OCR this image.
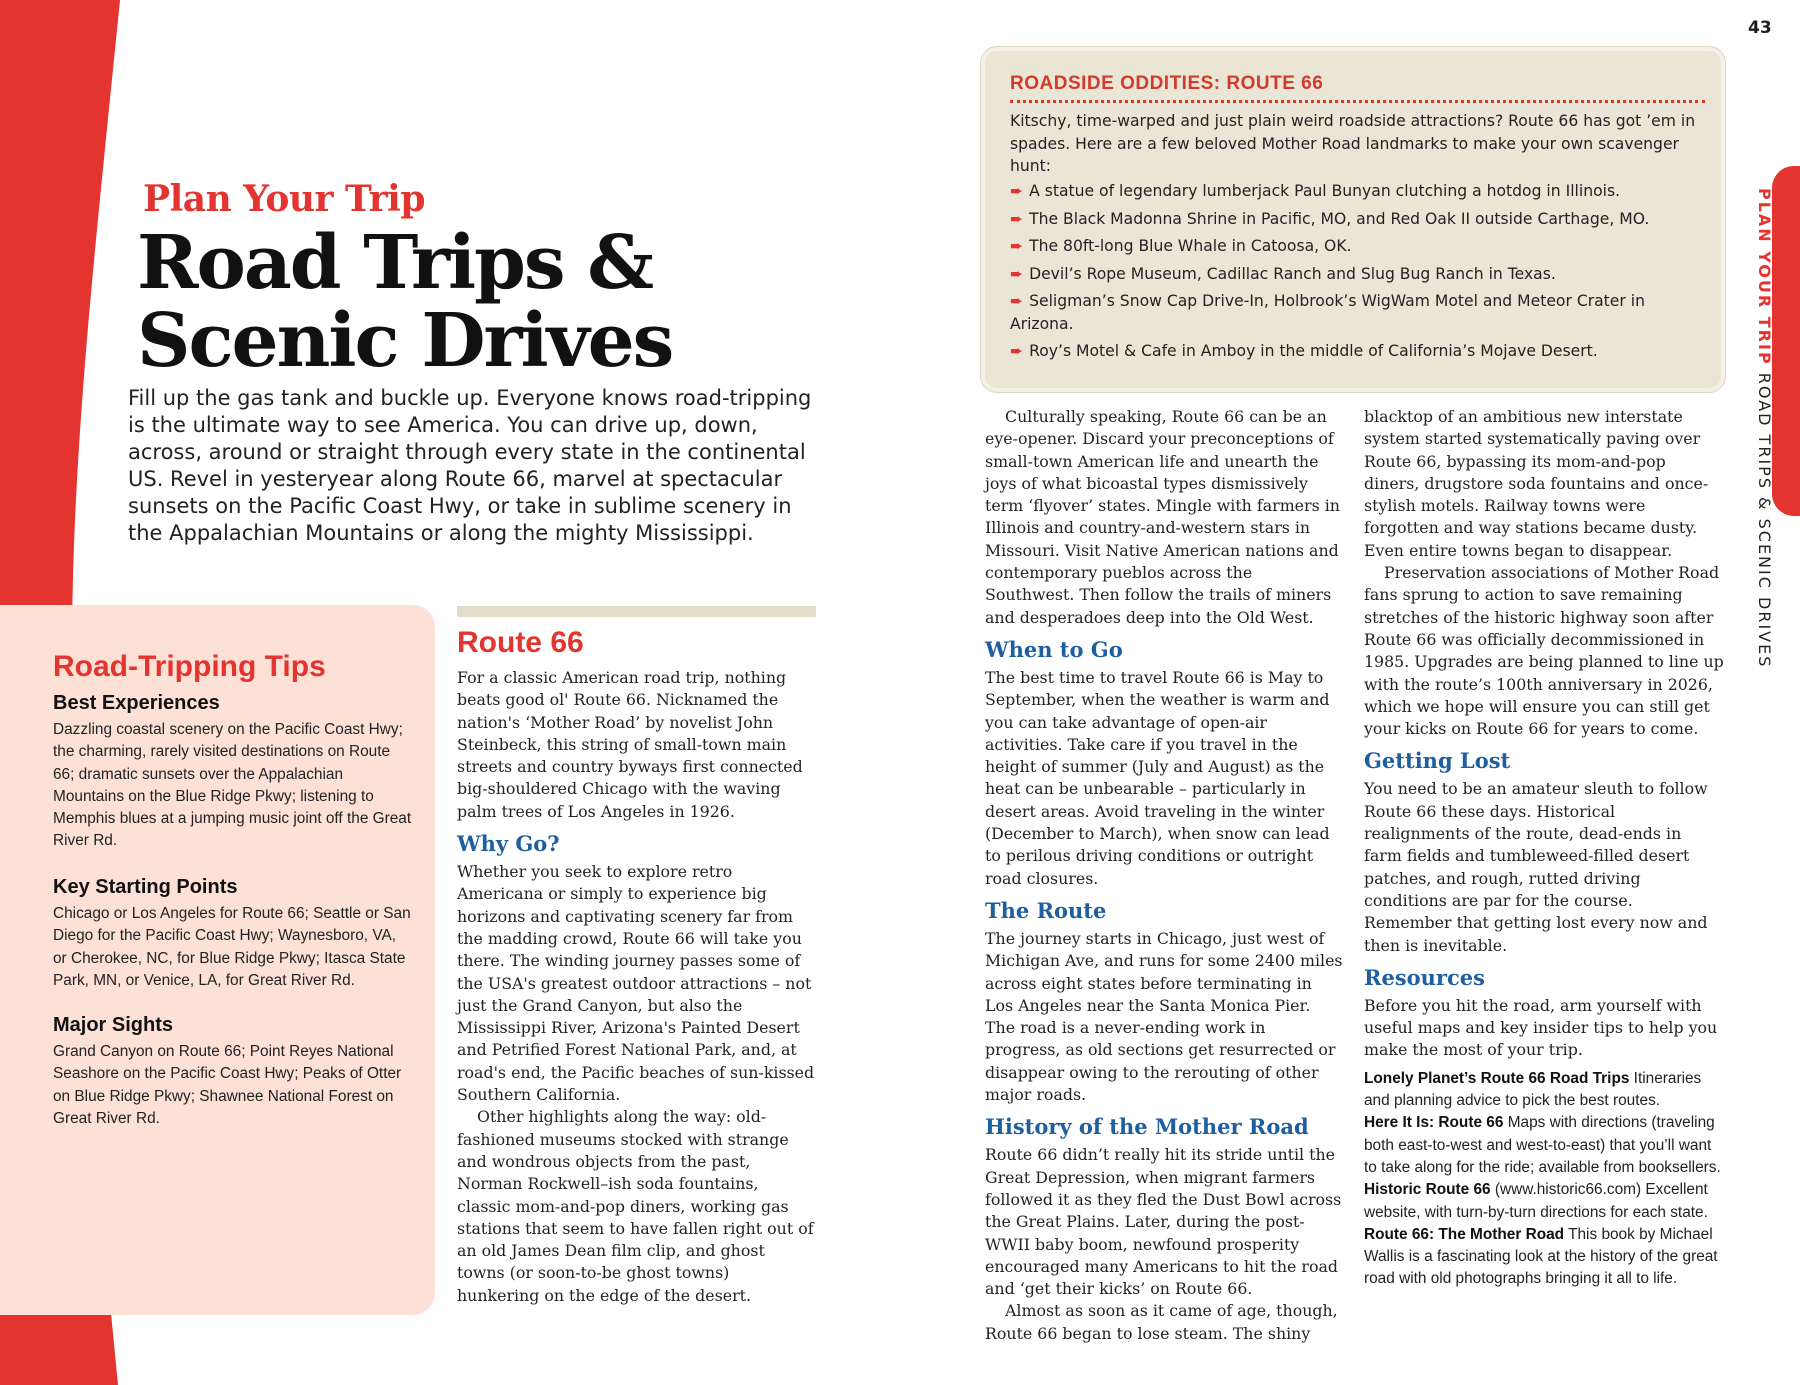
43
Plan Your Trip
Road Trips &
Scenic Drives
Fill up the gas tank and buckle up. Everyone knows road-tripping is the ultimate way to see America. You can drive up, down, across, around or straight through every state in the continental US. Revel in yesteryear along Route 66, marvel at spectacular sunsets on the Pacific Coast Hwy, or take in sublime scenery in the Appalachian Mountains or along the mighty Mississippi.
Road-Tripping Tips
Best Experiences

Dazzling coastal scenery on the Pacific Coast Hwy; the charming, rarely visited destinations on Route 66; dramatic sunsets over the Appalachian Mountains on the Blue Ridge Pkwy; listening to Memphis blues at a jumping music joint off the Great River Rd.

Key Starting Points

Chicago or Los Angeles for Route 66; Seattle or San Diego for the Pacific Coast Hwy; Waynesboro, VA, or Cherokee, NC, for Blue Ridge Pkwy; Itasca State Park, MN, or Venice, LA, for Great River Rd.

Major Sights

Grand Canyon on Route 66; Point Reyes National Seashore on the Pacific Coast Hwy; Peaks of Otter on Blue Ridge Pkwy; Shawnee National Forest on Great River Rd.

Route 66

For a classic American road trip, nothing beats good ol' Route 66. Nicknamed the nation's ‘Mother Road’ by novelist John Steinbeck, this string of small-town main streets and country byways first connected big-shouldered Chicago with the waving palm trees of Los Angeles in 1926.

Why Go?

Whether you seek to explore retro Americana or simply to experience big horizons and captivating scenery far from the madding crowd, Route 66 will take you there. The winding journey passes some of the USA's greatest outdoor attractions – not just the Grand Canyon, but also the Mississippi River, Arizona's Painted Desert and Petrified Forest National Park, and, at road's end, the Pacific beaches of sun-kissed Southern California.

Other highlights along the way: old-fashioned museums stocked with strange and wondrous objects from the past, Norman Rockwell–ish soda fountains, classic mom-and-pop diners, working gas stations that seem to have fallen right out of an old James Dean film clip, and ghost towns (or soon-to-be ghost towns) hunkering on the edge of the desert.

ROADSIDE ODDITIES: ROUTE 66
Kitschy, time-warped and just plain weird roadside attractions? Route 66 has got ’em in spades. Here are a few beloved Mother Road landmarks to make your own scavenger hunt:
➨ A statue of legendary lumberjack Paul Bunyan clutching a hotdog in Illinois.
➨ The Black Madonna Shrine in Pacific, MO, and Red Oak II outside Carthage, MO.
➨ The 80ft-long Blue Whale in Catoosa, OK.
➨ Devil’s Rope Museum, Cadillac Ranch and Slug Bug Ranch in Texas.
➨ Seligman’s Snow Cap Drive-In, Holbrook’s WigWam Motel and Meteor Crater in Arizona.
➨ Roy’s Motel & Cafe in Amboy in the middle of California’s Mojave Desert.

Culturally speaking, Route 66 can be an eye-opener. Discard your preconceptions of small-town American life and unearth the joys of what bicoastal types dismissively term ‘flyover’ states. Mingle with farmers in Illinois and country-and-western stars in Missouri. Visit Native American nations and contemporary pueblos across the Southwest. Then follow the trails of miners and desperadoes deep into the Old West.

When to Go

The best time to travel Route 66 is May to September, when the weather is warm and you can take advantage of open-air activities. Take care if you travel in the height of summer (July and August) as the heat can be unbearable – particularly in desert areas. Avoid traveling in the winter (December to March), when snow can lead to perilous driving conditions or outright road closures.

The Route

The journey starts in Chicago, just west of Michigan Ave, and runs for some 2400 miles across eight states before terminating in Los Angeles near the Santa Monica Pier. The road is a never-ending work in progress, as old sections get resurrected or disappear owing to the rerouting of other major roads.

History of the Mother Road

Route 66 didn’t really hit its stride until the Great Depression, when migrant farmers followed it as they fled the Dust Bowl across the Great Plains. Later, during the post-WWII baby boom, newfound prosperity encouraged many Americans to hit the road and ‘get their kicks’ on Route 66.

Almost as soon as it came of age, though, Route 66 began to lose steam. The shiny

blacktop of an ambitious new interstate system started systematically paving over Route 66, bypassing its mom-and-pop diners, drugstore soda fountains and once-stylish motels. Railway towns were forgotten and way stations became dusty. Even entire towns began to disappear.

Preservation associations of Mother Road fans sprung to action to save remaining stretches of the historic highway soon after Route 66 was officially decommissioned in 1985. Upgrades are being planned to line up with the route’s 100th anniversary in 2026, which we hope will ensure you can still get your kicks on Route 66 for years to come.

Getting Lost

You need to be an amateur sleuth to follow Route 66 these days. Historical realignments of the route, dead-ends in farm fields and tumbleweed-filled desert patches, and rough, rutted driving conditions are par for the course. Remember that getting lost every now and then is inevitable.

Resources

Before you hit the road, arm yourself with useful maps and key insider tips to help you make the most of your trip.

Lonely Planet’s Route 66 Road Trips Itineraries and planning advice to pick the best routes.

Here It Is: Route 66 Maps with directions (traveling both east-to-west and west-to-east) that you’ll want to take along for the ride; available from booksellers.

Historic Route 66 (www.historic66.com) Excellent website, with turn-by-turn directions for each state.

Route 66: The Mother Road This book by Michael Wallis is a fascinating look at the history of the great road with old photographs bringing it all to life.

PLAN YOUR TRIP ROAD TRIPS & SCENIC DRIVES
